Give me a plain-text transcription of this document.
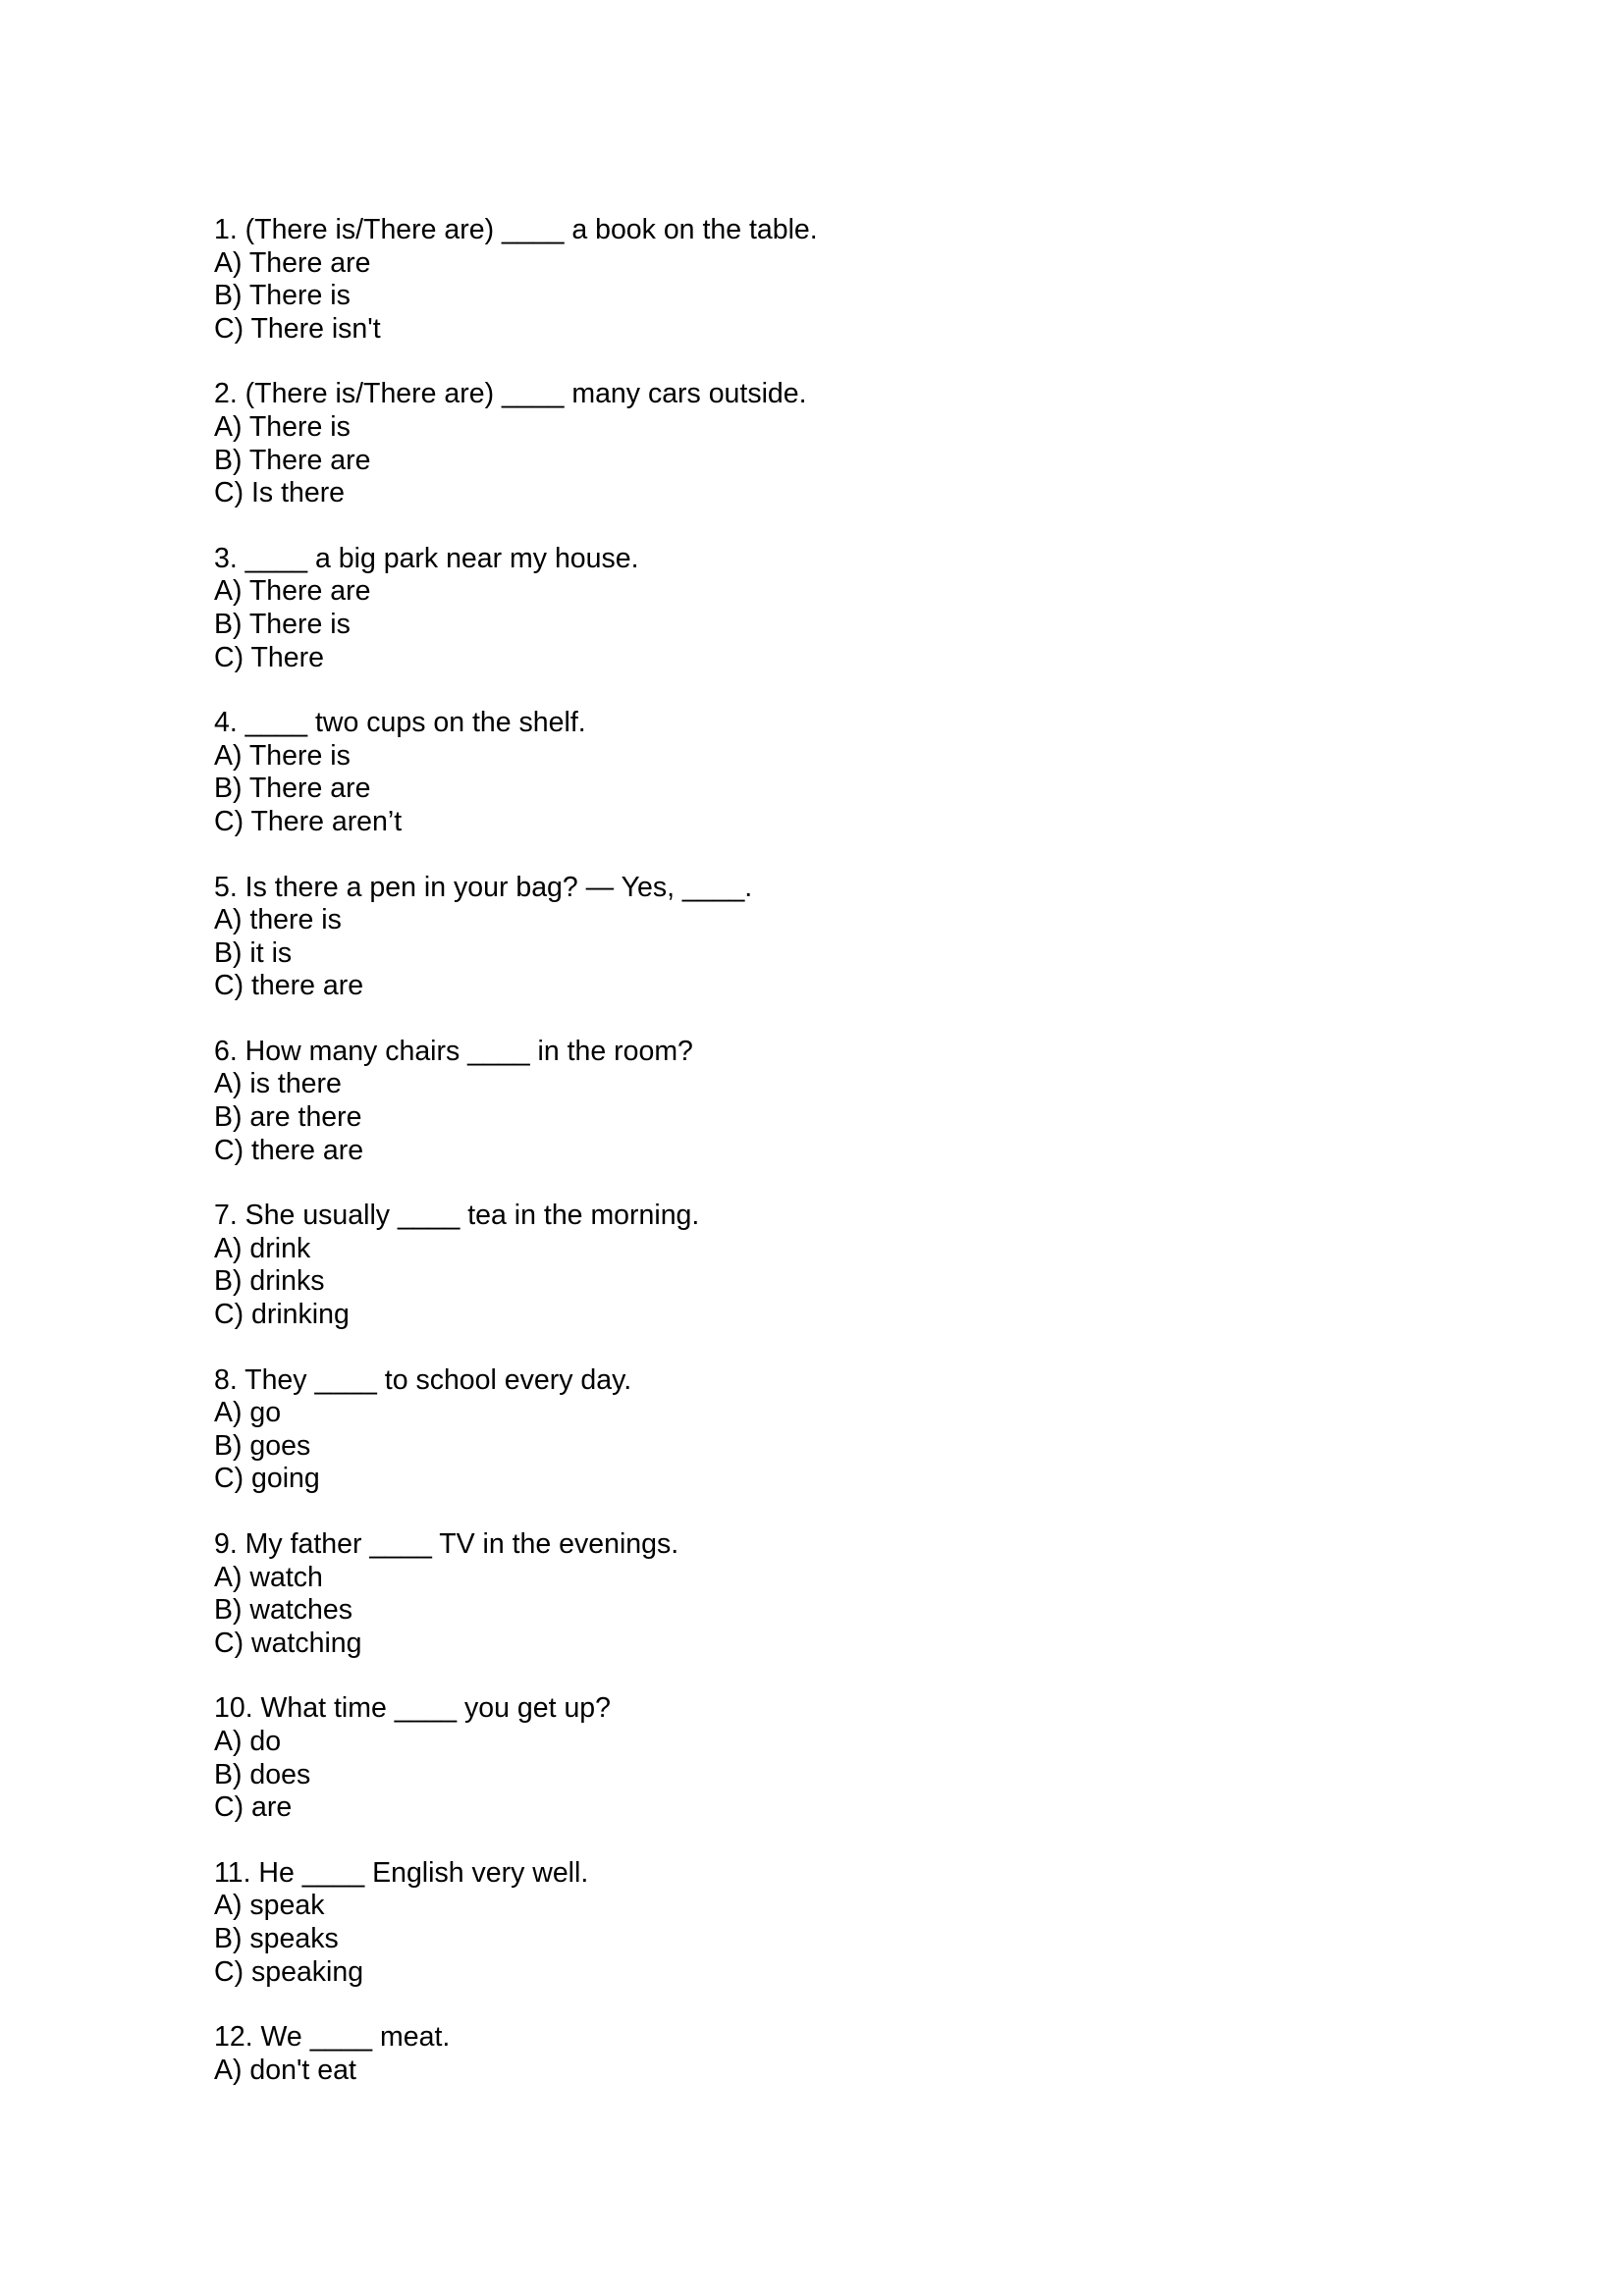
1. (There is/There are) ____ a book on the table.
A) There are
B) There is
C) There isn't
2. (There is/There are) ____ many cars outside.
A) There is
B) There are
C) Is there
3. ____ a big park near my house.
A) There are
B) There is
C) There
4. ____ two cups on the shelf.
A) There is
B) There are
C) There aren’t
5. Is there a pen in your bag? — Yes, ____.
A) there is
B) it is
C) there are
6. How many chairs ____ in the room?
A) is there
B) are there
C) there are
7. She usually ____ tea in the morning.
A) drink
B) drinks
C) drinking
8. They ____ to school every day.
A) go
B) goes
C) going
9. My father ____ TV in the evenings.
A) watch
B) watches
C) watching
10. What time ____ you get up?
A) do
B) does
C) are
11. He ____ English very well.
A) speak
B) speaks
C) speaking
12. We ____ meat.
A) don't eat
